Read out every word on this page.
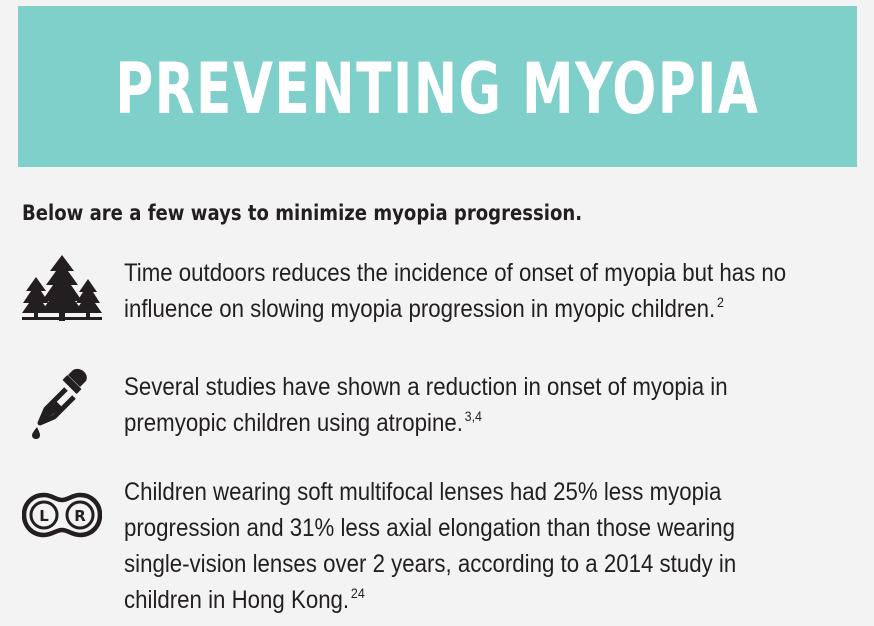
PREVENTING MYOPIA
Below are a few ways to minimize myopia progression.
Time outdoors reduces the incidence of onset of myopia but has no
influence on slowing myopia progression in myopic children. $^2$
Several studies have shown a reduction in onset of myopia in
premyopic children using atropine. $^{3,4}$
L R
Children wearing soft multifocal lenses had 25% less myopia
progression and 31% less axial elongation than those wearing
single-vision lenses over 2 years, according to a 2014 study in
children in Hong Kong. $^{24}$
